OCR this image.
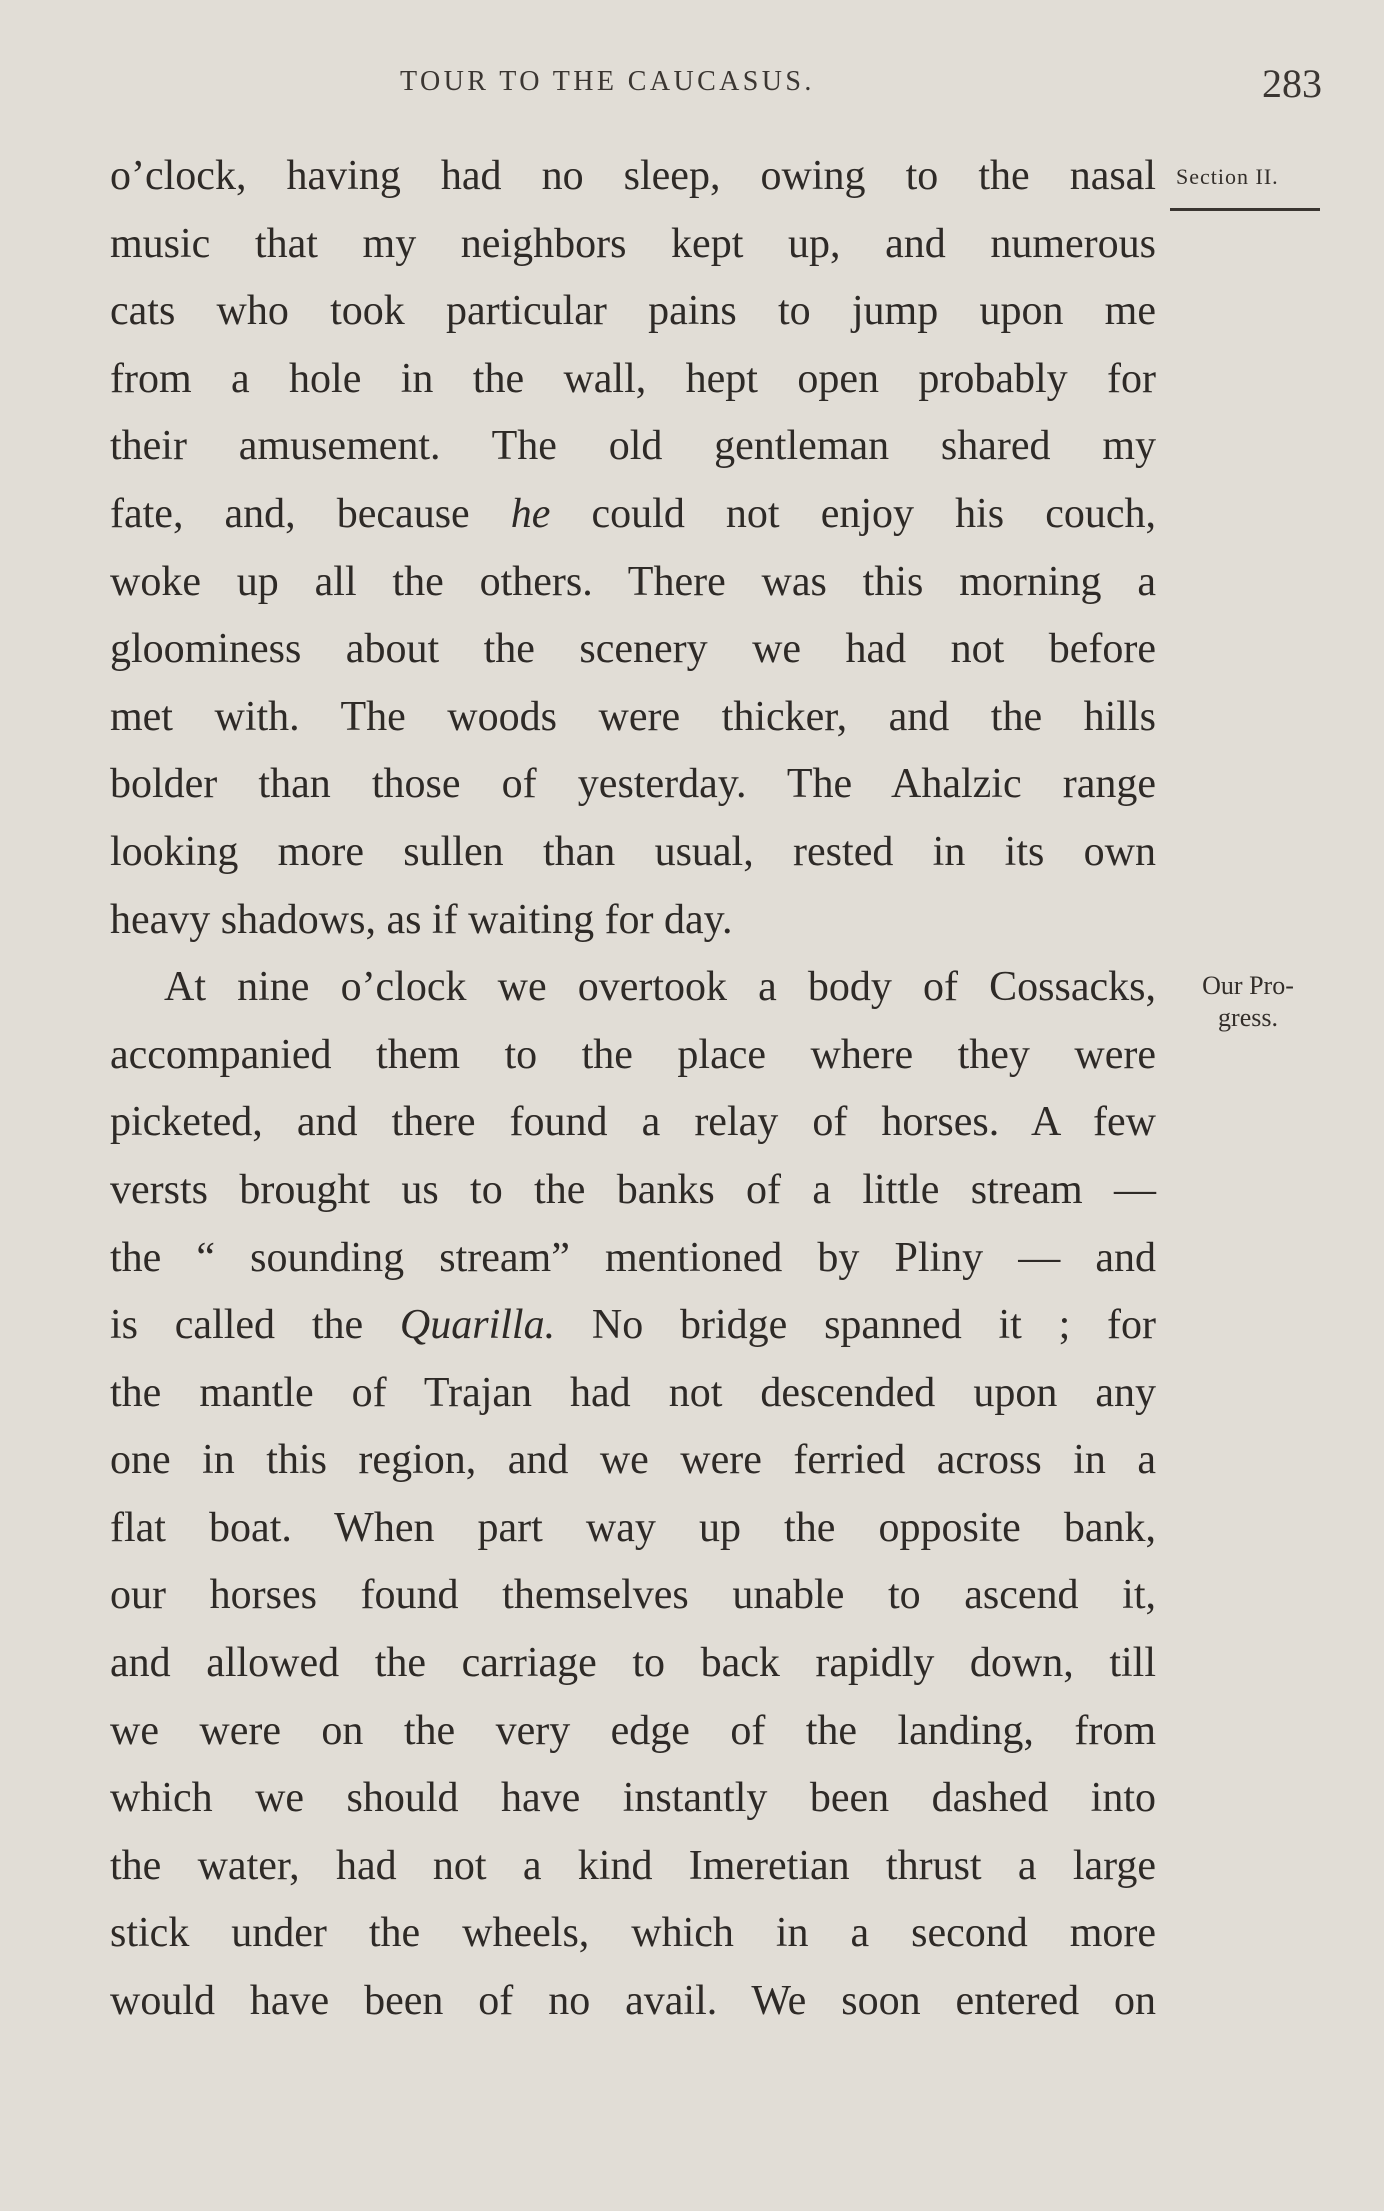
TOUR TO THE CAUCASUS.	283
Section II.
Our Pro-
gress.
o’clock, having had no sleep, owing to the nasal
music that my neighbors kept up, and numerous
cats who took particular pains to jump upon me
from a hole in the wall, hept open probably for
their amusement. The old gentleman shared my
fate, and, because he could not enjoy his couch,
woke up all the others. There was this morning a
gloominess about the scenery we had not before
met with. The woods were thicker, and the hills
bolder than those of yesterday. The Ahalzic range
looking more sullen than usual, rested in its own
heavy shadows, as if waiting for day.
At nine o’clock we overtook a body of Cossacks,
accompanied them to the place where they were
picketed, and there found a relay of horses. A few
versts brought us to the banks of a little stream —
the “ sounding stream” mentioned by Pliny — and
is called the Quarilla. No bridge spanned it ; for
the mantle of Trajan had not descended upon any
one in this region, and we were ferried across in a
flat boat. When part way up the opposite bank,
our horses found themselves unable to ascend it,
and allowed the carriage to back rapidly down, till
we were on the very edge of the landing, from
which we should have instantly been dashed into
the water, had not a kind Imeretian thrust a large
stick under the wheels, which in a second more
would have been of no avail. We soon entered on
